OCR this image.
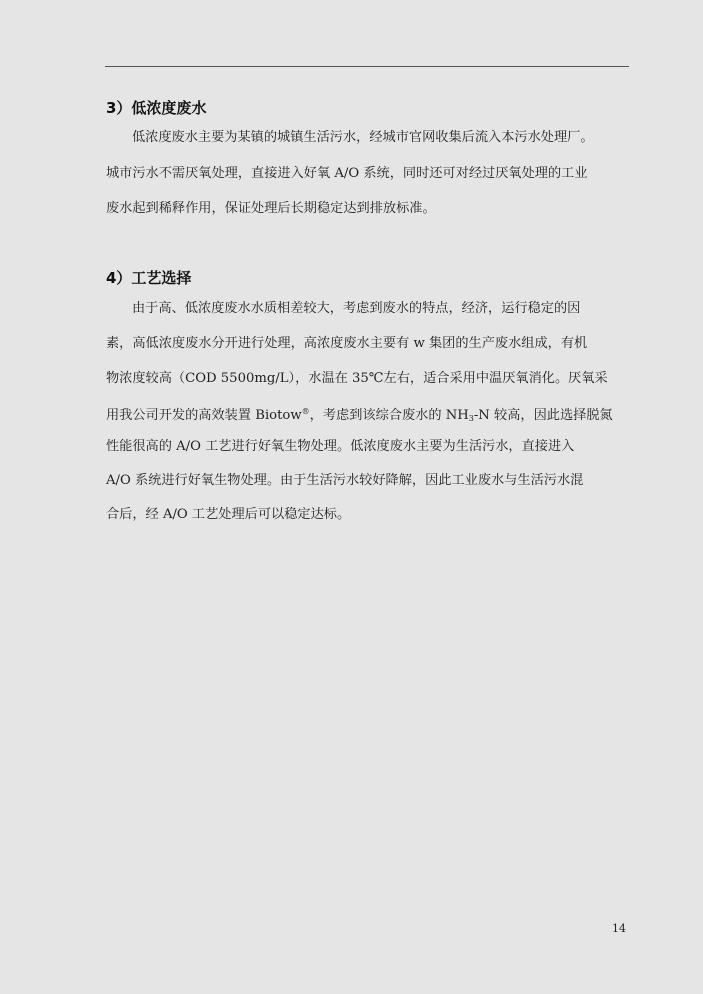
3）低浓度废水
低浓度废水主要为某镇的城镇生活污水，经城市官网收集后流入本污水处理厂。
城市污水不需厌氧处理，直接进入好氧 A/O 系统，同时还可对经过厌氧处理的工业
废水起到稀释作用，保证处理后长期稳定达到排放标准。
4）工艺选择
由于高、低浓度废水水质相差较大，考虑到废水的特点，经济，运行稳定的因
素，高低浓度废水分开进行处理，高浓度废水主要有 w 集团的生产废水组成，有机
物浓度较高（COD 5500mg/L），水温在 35℃左右，适合采用中温厌氧消化。厌氧采
用我公司开发的高效装置 Biotow®，考虑到该综合废水的 $NH_3-N$ 较高，因此选择脱氮
性能很高的 A/O 工艺进行好氧生物处理。低浓度废水主要为生活污水，直接进入
A/O 系统进行好氧生物处理。由于生活污水较好降解，因此工业废水与生活污水混
合后，经 A/O 工艺处理后可以稳定达标。
14
